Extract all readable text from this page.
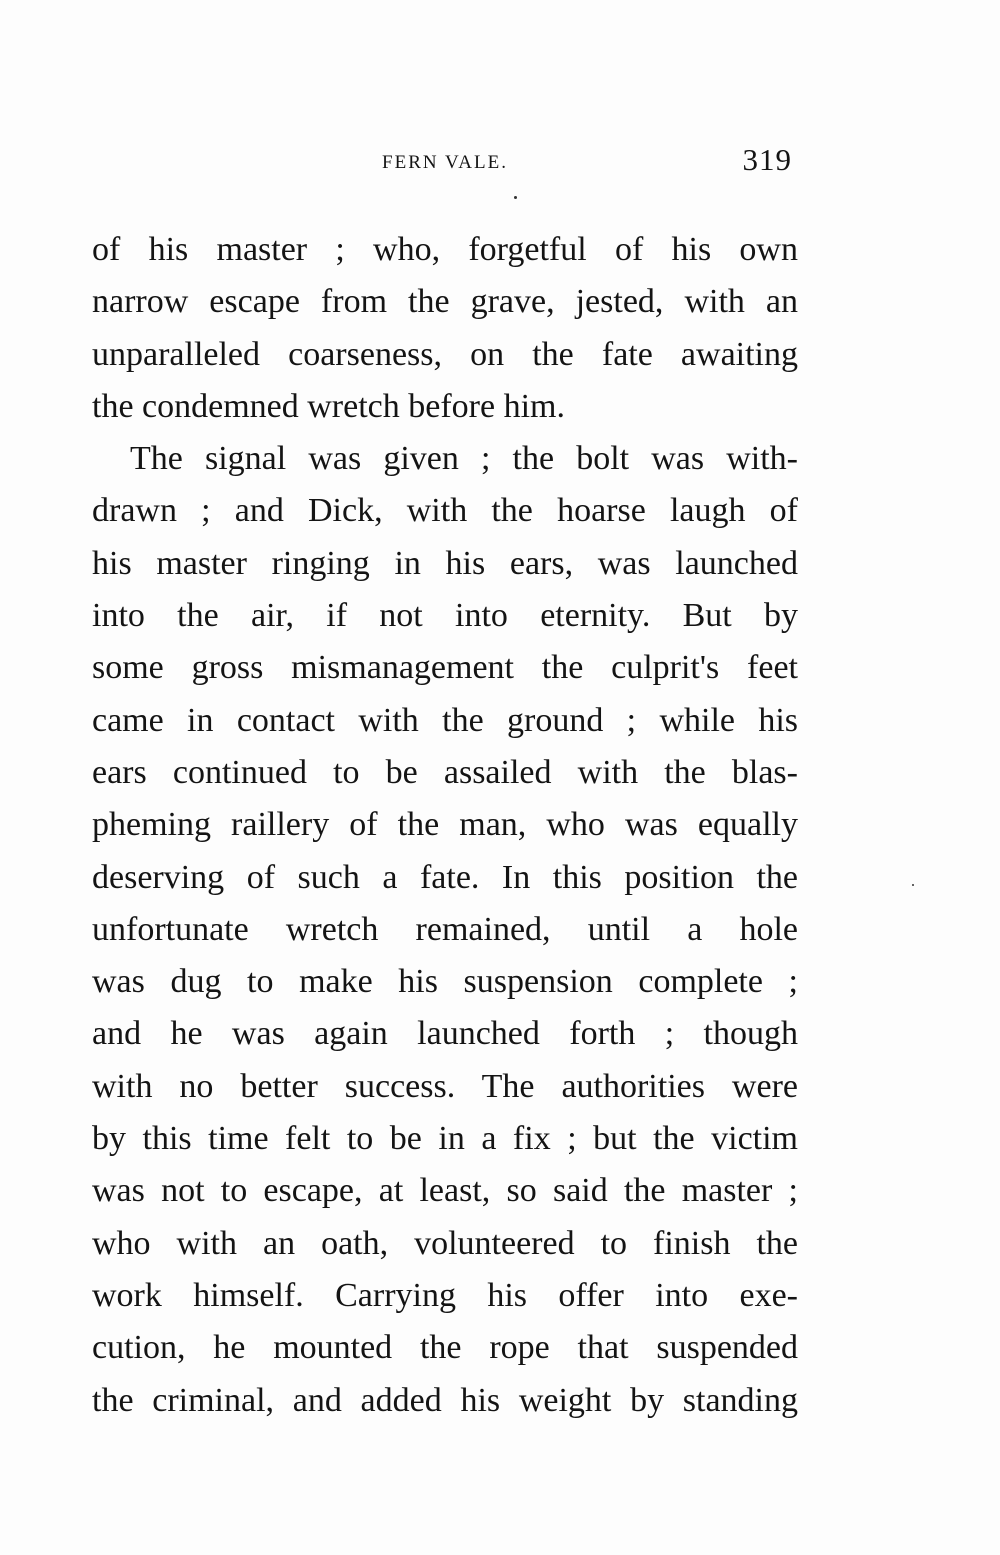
FERN VALE.	319
of his master ; who, forgetful of his own
narrow escape from the grave, jested, with an
unparalleled coarseness, on the fate awaiting
the condemned wretch before him.
The signal was given ; the bolt was with-
drawn ; and Dick, with the hoarse laugh of
his master ringing in his ears, was launched
into the air, if not into eternity. But by
some gross mismanagement the culprit's feet
came in contact with the ground ; while his
ears continued to be assailed with the blas-
pheming raillery of the man, who was equally
deserving of such a fate. In this position the
unfortunate wretch remained, until a hole
was dug to make his suspension complete ;
and he was again launched forth ; though
with no better success. The authorities were
by this time felt to be in a fix ; but the victim
was not to escape, at least, so said the master ;
who with an oath, volunteered to finish the
work himself. Carrying his offer into exe-
cution, he mounted the rope that suspended
the criminal, and added his weight by standing
